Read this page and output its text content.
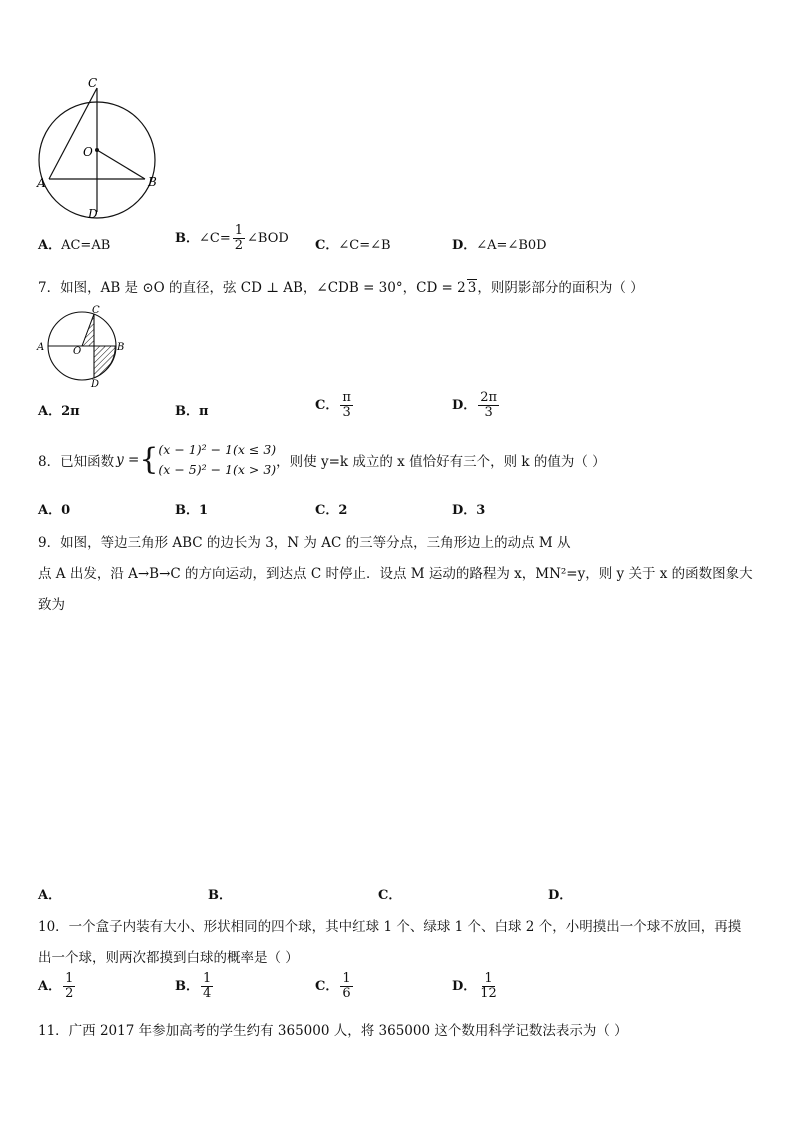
C
O
A	B
D
A．AC=AB	B．∠C= $\frac{1}{2}$ ∠BOD C．∠C=∠B	D．∠A=∠B0D
7．如图，AB 是 ⊙O 的直径，弦 CD ⊥ AB，∠CDB = 30°，CD = 2 3，则阴影部分的面积为（ ）
A
C
O	B
D
A．2π	B．π	C． $\frac{\pi}{3}$	D． $\frac{2\pi}{3}$
8．已知函数 y = { (x − 1)² − 1(x ≤ 3)
(x − 5)² − 1(x > 3) ，则使 y=k 成立的 x 值恰好有三个，则 k 的值为（ ）
A．0	B．1	C．2	D．3
9．如图，等边三角形 ABC 的边长为 3，N 为 AC 的三等分点，三角形边上的动点 M 从
点 A 出发，沿 A→B→C 的方向运动，到达点 C 时停止．设点 M 运动的路程为 x，MN²=y，则 y 关于 x 的函数图象大
致为
A．	B．	C．	D．
10．一个盒子内装有大小、形状相同的四个球，其中红球 1 个、绿球 1 个、白球 2 个，小明摸出一个球不放回，再摸
出一个球，则两次都摸到白球的概率是（ ）
A． $\frac{1}{2}$	B． $\frac{1}{4}$	C． $\frac{1}{6}$	D． $\frac{1}{12}$
11．广西 2017 年参加高考的学生约有 365000 人，将 365000 这个数用科学记数法表示为（ ）
